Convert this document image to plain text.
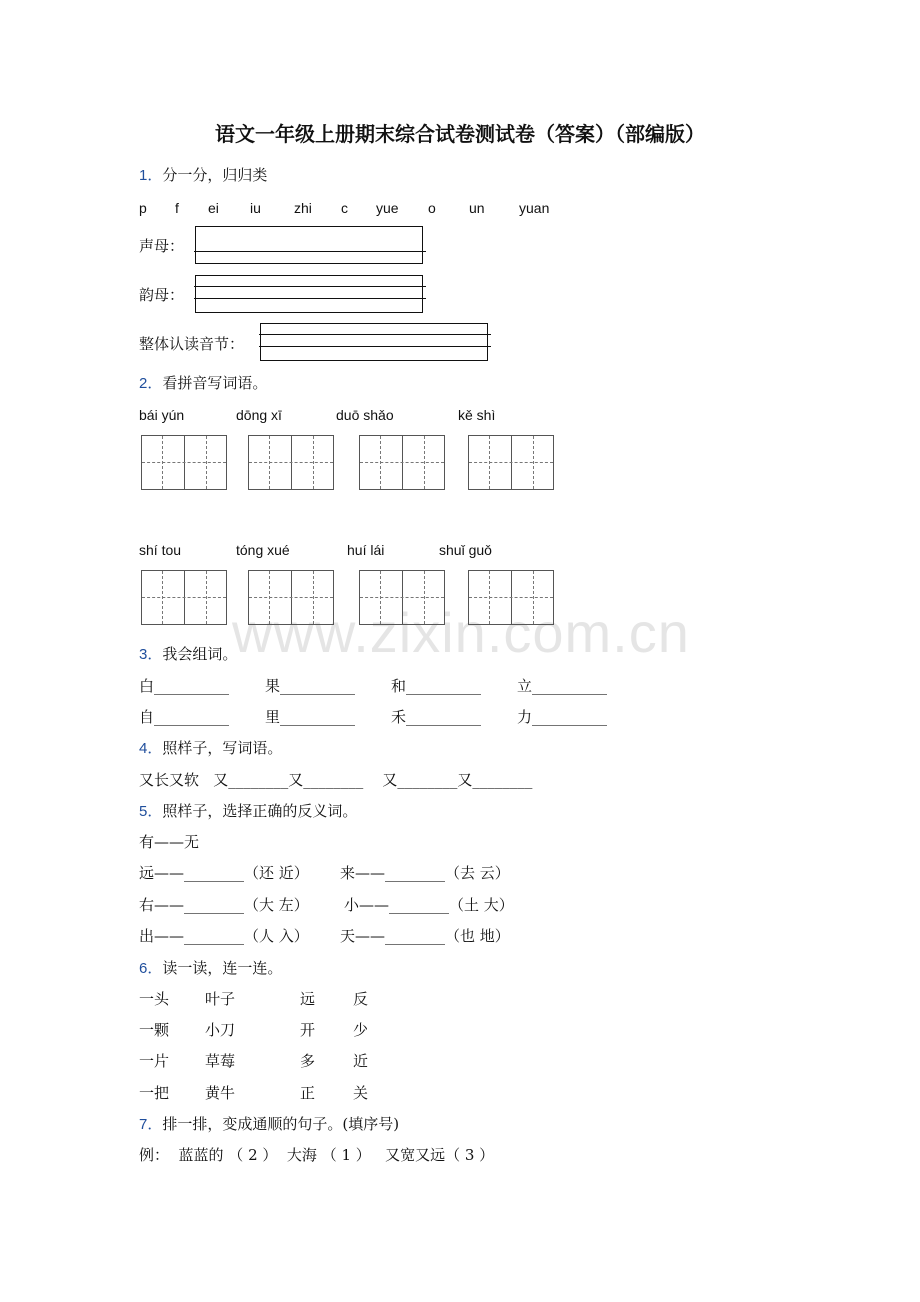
www.zixin.com.cn
语文一年级上册期末综合试卷测试卷（答案）（部编版）
1．分一分，归归类
p f ei iu zhi c yue o un yuan
声母：
韵母：
整体认读音节：
2．看拼音写词语。
bái yún	dōng xī	duō shǎo	kě shì
shí tou	tóng xué	huí lái	shuǐ guǒ
3．我会组词。
白__________ 果__________ 和__________ 立__________
自__________ 里__________ 禾__________ 力__________
4．照样子，写词语。
又长又软   又________又________    又________又________
5．照样子，选择正确的反义词。
有——无
远——________（还 近） 来——________（去 云）
右——________（大 左） 小——________（土 大）
出——________（人 入） 天——________（也 地）
6．读一读，连一连。
一头 叶子	远	反
一颗 小刀	开	少
一片 草莓	多	近
一把 黄牛	正	关
7．排一排，变成通顺的句子。(填序号)
例：  蓝蓝的 （ 2 ）  大海 （ 1 ）   又宽又远（ 3 ）
